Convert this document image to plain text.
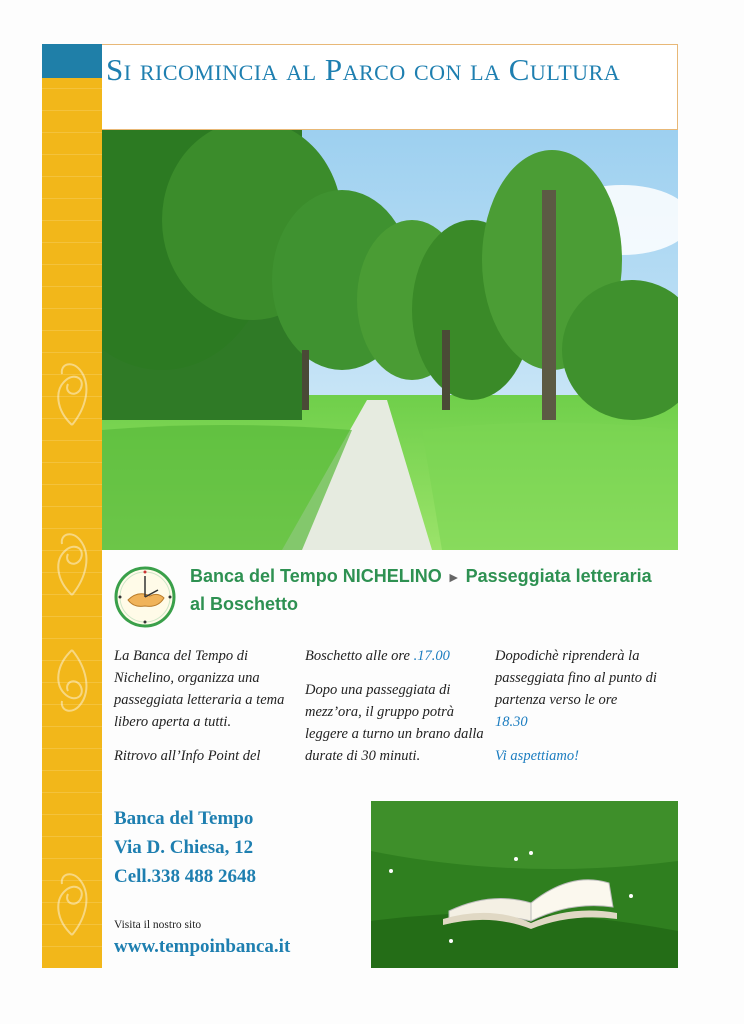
Si ricomincia al Parco con la Cultura
Banca del Tempo NICHELINO ► Passeggiata letteraria al Boschetto

La Banca del Tempo di Nichelino, organizza una passeggiata letteraria a tema libero aperta a tutti.

Ritrovo all’Info Point del

Boschetto alle ore .17.00

Dopo una passeggiata di mezz’ora, il gruppo potrà leggere a turno un brano dalla durate di 30 minuti.

Dopodichè riprenderà la passeggiata fino al punto di partenza verso le ore
18.30

Vi aspettiamo!

Banca del Tempo
Via D. Chiesa, 12
Cell.338 488 2648
Visita il nostro sito
www.tempoinbanca.it
